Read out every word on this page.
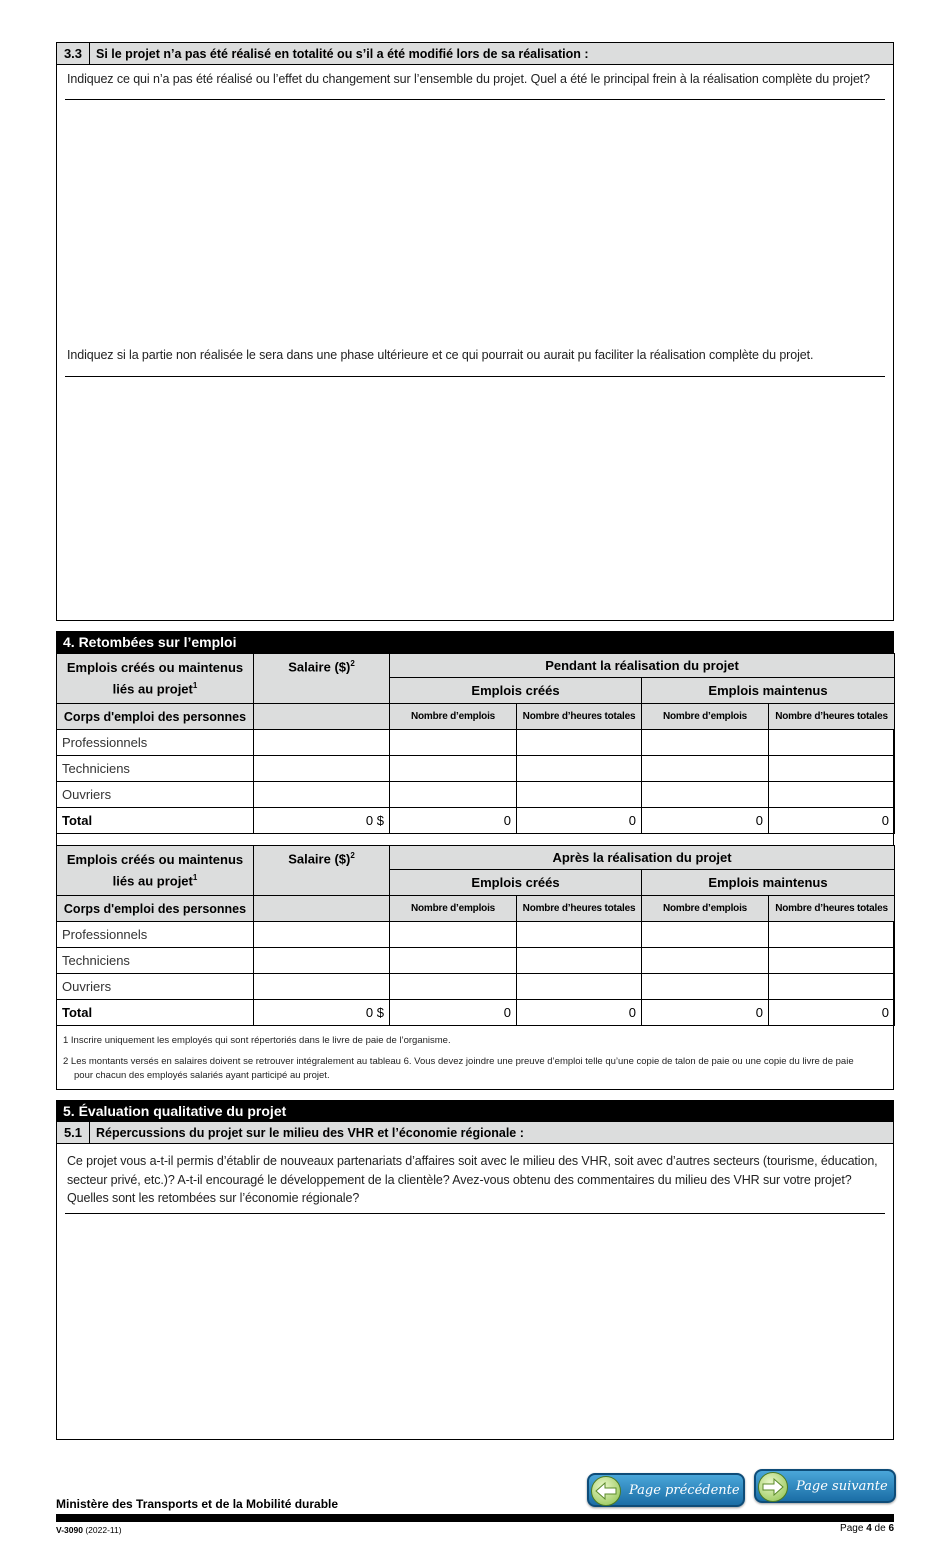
3.3	Si le projet n’a pas été réalisé en totalité ou s’il a été modifié lors de sa réalisation :
Indiquez ce qui n’a pas été réalisé ou l’effet du changement sur l’ensemble du projet. Quel a été le principal frein à la réalisation complète du projet?
Indiquez si la partie non réalisée le sera dans une phase ultérieure et ce qui pourrait ou aurait pu faciliter la réalisation complète du projet.
4. Retombées sur l’emploi
Emplois créés ou maintenus liés au projet$^1$	Salaire ($)$^2$	Pendant la réalisation du projet			
		Emplois créés		Emplois maintenus	
Corps d'emploi des personnes		Nombre d’emplois	Nombre d’heures totales	Nombre d’emplois	Nombre d’heures totales
Professionnels					
Techniciens					
Ouvriers					
Total	0 $	0	0	0	0
Emplois créés ou maintenus liés au projet$^1$	Salaire ($)$^2$	Après la réalisation du projet			
		Emplois créés		Emplois maintenus	
Corps d'emploi des personnes		Nombre d’emplois	Nombre d’heures totales	Nombre d’emplois	Nombre d’heures totales
Professionnels					
Techniciens					
Ouvriers					
Total	0 $	0	0	0	0
1 Inscrire uniquement les employés qui sont répertoriés dans le livre de paie de l’organisme.
2 Les montants versés en salaires doivent se retrouver intégralement au tableau 6. Vous devez joindre une preuve d’emploi telle qu’une copie de talon de paie ou une copie du livre de paie
pour chacun des employés salariés ayant participé au projet.
5. Évaluation qualitative du projet
5.1	Répercussions du projet sur le milieu des VHR et l’économie régionale :
Ce projet vous a-t-il permis d’établir de nouveaux partenariats d’affaires soit avec le milieu des VHR, soit avec d’autres secteurs (tourisme, éducation, secteur privé, etc.)? A-t-il encouragé le développement de la clientèle? Avez-vous obtenu des commentaires du milieu des VHR sur votre projet? Quelles sont les retombées sur l’économie régionale?
Page précédente	Page suivante
Ministère des Transports et de la Mobilité durable
V-3090 (2022-11)	Page 4 de 6
